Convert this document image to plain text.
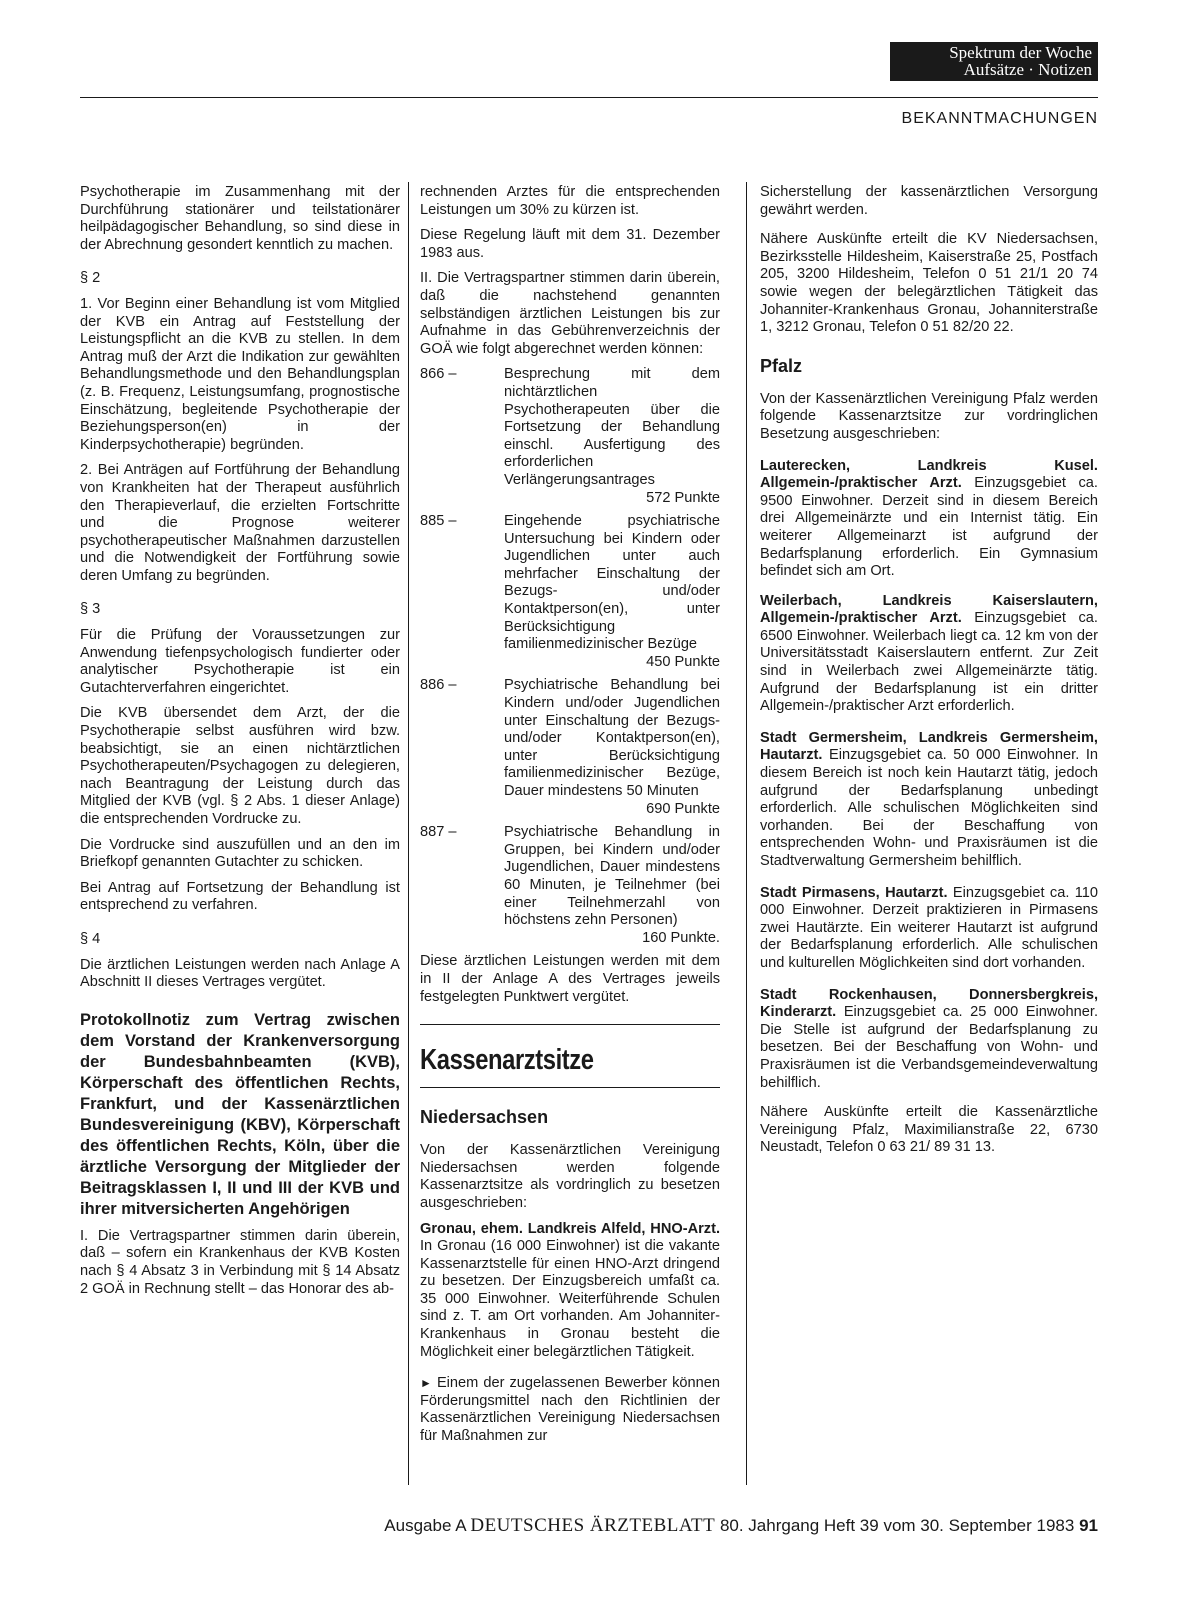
Spektrum der Woche
Aufsätze · Notizen
BEKANNTMACHUNGEN

Psychotherapie im Zusammenhang mit der Durchführung stationärer und teilstationärer heilpädagogischer Behandlung, so sind diese in der Abrechnung gesondert kenntlich zu machen.

§ 2

1. Vor Beginn einer Behandlung ist vom Mitglied der KVB ein Antrag auf Feststellung der Leistungspflicht an die KVB zu stellen. In dem Antrag muß der Arzt die Indikation zur gewählten Behandlungsmethode und den Behandlungsplan (z. B. Frequenz, Leistungsumfang, prognostische Einschätzung, begleitende Psychotherapie der Beziehungsperson(en) in der Kinderpsychotherapie) begründen.

2. Bei Anträgen auf Fortführung der Behandlung von Krankheiten hat der Therapeut ausführlich den Therapieverlauf, die erzielten Fortschritte und die Prognose weiterer psychotherapeutischer Maßnahmen darzustellen und die Notwendigkeit der Fortführung sowie deren Umfang zu begründen.

§ 3

Für die Prüfung der Voraussetzungen zur Anwendung tiefenpsychologisch fundierter oder analytischer Psychotherapie ist ein Gutachterverfahren eingerichtet.

Die KVB übersendet dem Arzt, der die Psychotherapie selbst ausführen wird bzw. beabsichtigt, sie an einen nichtärztlichen Psychotherapeuten/Psychagogen zu delegieren, nach Beantragung der Leistung durch das Mitglied der KVB (vgl. § 2 Abs. 1 dieser Anlage) die entsprechenden Vordrucke zu.

Die Vordrucke sind auszufüllen und an den im Briefkopf genannten Gutachter zu schicken.

Bei Antrag auf Fortsetzung der Behandlung ist entsprechend zu verfahren.

§ 4

Die ärztlichen Leistungen werden nach Anlage A Abschnitt II dieses Vertrages vergütet.

Protokollnotiz zum Vertrag zwischen dem Vorstand der Krankenversorgung der Bundesbahnbeamten (KVB), Körperschaft des öffentlichen Rechts, Frankfurt, und der Kassenärztlichen Bundesvereinigung (KBV), Körperschaft des öffentlichen Rechts, Köln, über die ärztliche Versorgung der Mitglieder der Beitragsklassen I, II und III der KVB und ihrer mitversicherten Angehörigen

I. Die Vertragspartner stimmen darin überein, daß – sofern ein Krankenhaus der KVB Kosten nach § 4 Absatz 3 in Verbindung mit § 14 Absatz 2 GOÄ in Rechnung stellt – das Honorar des ab-

rechnenden Arztes für die entsprechenden Leistungen um 30% zu kürzen ist.

Diese Regelung läuft mit dem 31. Dezember 1983 aus.

II. Die Vertragspartner stimmen darin überein, daß die nachstehend genannten selbständigen ärztlichen Leistungen bis zur Aufnahme in das Gebührenverzeichnis der GOÄ wie folgt abgerechnet werden können:

866 –	Besprechung mit dem nichtärztlichen Psychotherapeuten über die Fortsetzung der Behandlung einschl. Ausfertigung des erforderlichen Verlängerungsantrages
572 Punkte
885 –	Eingehende psychiatrische Untersuchung bei Kindern oder Jugendlichen unter auch mehrfacher Einschaltung der Bezugs- und/oder Kontaktperson(en), unter Berücksichtigung familienmedizinischer Bezüge
450 Punkte
886 –	Psychiatrische Behandlung bei Kindern und/oder Jugendlichen unter Einschaltung der Bezugs- und/oder Kontaktperson(en), unter Berücksichtigung familienmedizinischer Bezüge, Dauer mindestens 50 Minuten
690 Punkte
887 –	Psychiatrische Behandlung in Gruppen, bei Kindern und/oder Jugendlichen, Dauer mindestens 60 Minuten, je Teilnehmer (bei einer Teilnehmerzahl von höchstens zehn Personen)
160 Punkte.

Diese ärztlichen Leistungen werden mit dem in II der Anlage A des Vertrages jeweils festgelegten Punktwert vergütet.

Kassenarztsitze
Niedersachsen

Von der Kassenärztlichen Vereinigung Niedersachsen werden folgende Kassenarztsitze als vordringlich zu besetzen ausgeschrieben:

Gronau, ehem. Landkreis Alfeld, HNO-Arzt. In Gronau (16 000 Einwohner) ist die vakante Kassenarztstelle für einen HNO-Arzt dringend zu besetzen. Der Einzugsbereich umfaßt ca. 35 000 Einwohner. Weiterführende Schulen sind z. T. am Ort vorhanden. Am Johanniter-Krankenhaus in Gronau besteht die Möglichkeit einer belegärztlichen Tätigkeit.

► Einem der zugelassenen Bewerber können Förderungsmittel nach den Richtlinien der Kassenärztlichen Vereinigung Niedersachsen für Maßnahmen zur

Sicherstellung der kassenärztlichen Versorgung gewährt werden.

Nähere Auskünfte erteilt die KV Niedersachsen, Bezirksstelle Hildesheim, Kaiserstraße 25, Postfach 205, 3200 Hildesheim, Telefon 0 51 21/1 20 74 sowie wegen der belegärztlichen Tätigkeit das Johanniter-Krankenhaus Gronau, Johanniterstraße 1, 3212 Gronau, Telefon 0 51 82/20 22.

Pfalz

Von der Kassenärztlichen Vereinigung Pfalz werden folgende Kassenarztsitze zur vordringlichen Besetzung ausgeschrieben:

Lauterecken, Landkreis Kusel. Allgemein-/praktischer Arzt. Einzugsgebiet ca. 9500 Einwohner. Derzeit sind in diesem Bereich drei Allgemeinärzte und ein Internist tätig. Ein weiterer Allgemeinarzt ist aufgrund der Bedarfsplanung erforderlich. Ein Gymnasium befindet sich am Ort.

Weilerbach, Landkreis Kaiserslautern, Allgemein-/praktischer Arzt. Einzugsgebiet ca. 6500 Einwohner. Weilerbach liegt ca. 12 km von der Universitätsstadt Kaiserslautern entfernt. Zur Zeit sind in Weilerbach zwei Allgemeinärzte tätig. Aufgrund der Bedarfsplanung ist ein dritter Allgemein-/praktischer Arzt erforderlich.

Stadt Germersheim, Landkreis Germersheim, Hautarzt. Einzugsgebiet ca. 50 000 Einwohner. In diesem Bereich ist noch kein Hautarzt tätig, jedoch aufgrund der Bedarfsplanung unbedingt erforderlich. Alle schulischen Möglichkeiten sind vorhanden. Bei der Beschaffung von entsprechenden Wohn- und Praxisräumen ist die Stadtverwaltung Germersheim behilflich.

Stadt Pirmasens, Hautarzt. Einzugsgebiet ca. 110 000 Einwohner. Derzeit praktizieren in Pirmasens zwei Hautärzte. Ein weiterer Hautarzt ist aufgrund der Bedarfsplanung erforderlich. Alle schulischen und kulturellen Möglichkeiten sind dort vorhanden.

Stadt Rockenhausen, Donnersbergkreis, Kinderarzt. Einzugsgebiet ca. 25 000 Einwohner. Die Stelle ist aufgrund der Bedarfsplanung zu besetzen. Bei der Beschaffung von Wohn- und Praxisräumen ist die Verbandsgemeindeverwaltung behilflich.

Nähere Auskünfte erteilt die Kassenärztliche Vereinigung Pfalz, Maximilianstraße 22, 6730 Neustadt, Telefon 0 63 21/ 89 31 13.

Ausgabe A DEUTSCHES ÄRZTEBLATT 80. Jahrgang Heft 39 vom 30. September 1983 91
